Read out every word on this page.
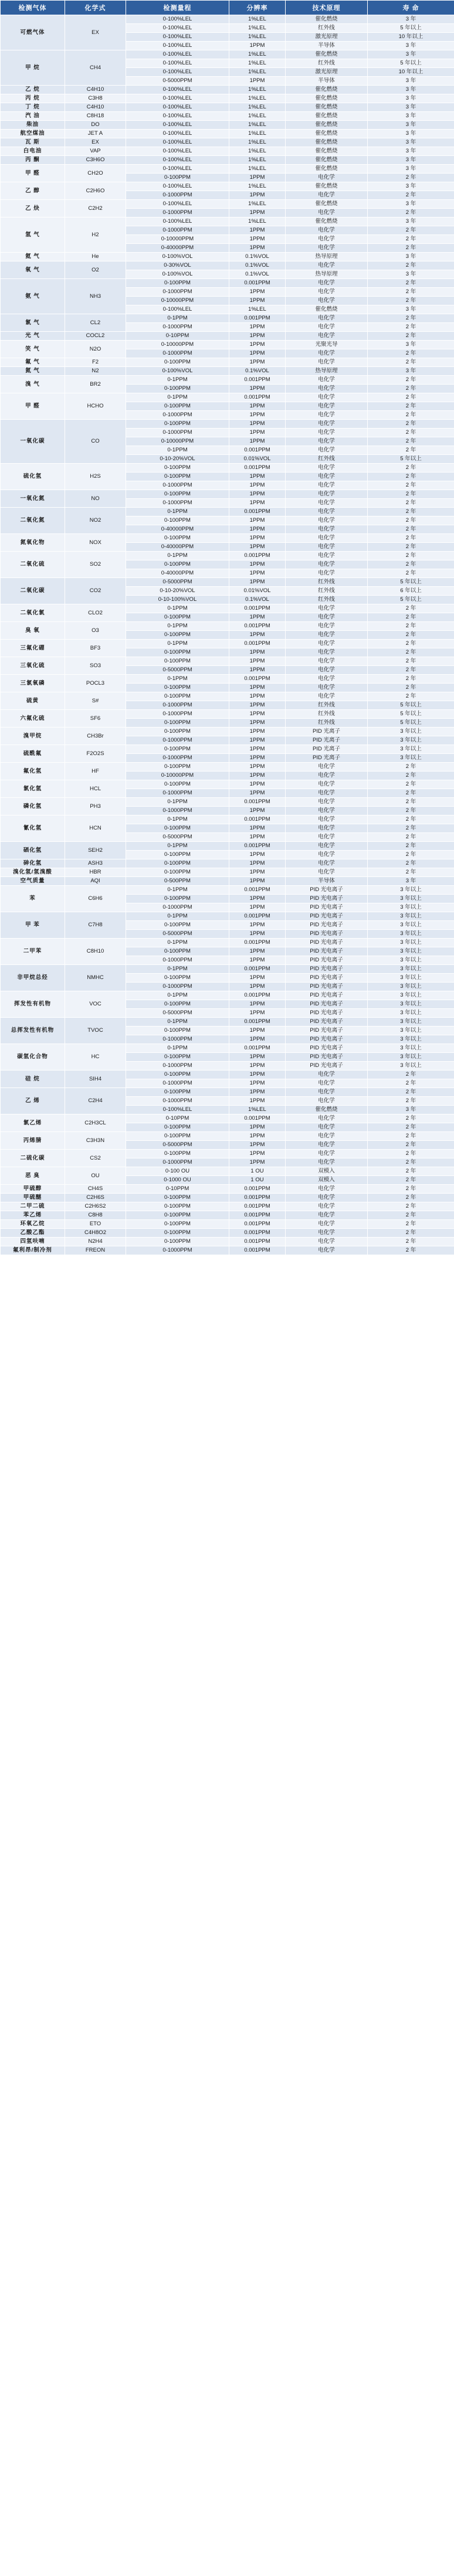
检测气体	化学式	检测量程	分辨率	技术原理	寿 命
可燃气体	EX	0-100%LEL	1%LEL	催化燃烧	3 年
		0-100%LEL	1%LEL	红外线	5 年以上
		0-100%LEL	1%LEL	激光原理	10 年以上
		0-100%LEL	1PPM	半导体	3 年
甲 烷	CH4	0-100%LEL	1%LEL	催化燃烧	3 年
		0-100%LEL	1%LEL	红外线	5 年以上
		0-100%LEL	1%LEL	激光原理	10 年以上
		0-5000PPM	1PPM	半导体	3 年
乙 烷	C4H10	0-100%LEL	1%LEL	催化燃烧	3 年
丙 烷	C3H8	0-100%LEL	1%LEL	催化燃烧	3 年
丁 烷	C4H10	0-100%LEL	1%LEL	催化燃烧	3 年
汽 油	C8H18	0-100%LEL	1%LEL	催化燃烧	3 年
柴油	DO	0-100%LEL	1%LEL	催化燃烧	3 年
航空煤油	JET A	0-100%LEL	1%LEL	催化燃烧	3 年
瓦 斯	EX	0-100%LEL	1%LEL	催化燃烧	3 年
白电油	VAP	0-100%LEL	1%LEL	催化燃烧	3 年
丙 酮	C3H6O	0-100%LEL	1%LEL	催化燃烧	3 年
甲 醛	CH2O	0-100%LEL	1%LEL	催化燃烧	3 年
		0-100PPM	1PPM	电化学	2 年
乙 醇	C2H6O	0-100%LEL	1%LEL	催化燃烧	3 年
		0-1000PPM	1PPM	电化学	2 年
乙 炔	C2H2	0-100%LEL	1%LEL	催化燃烧	3 年
		0-1000PPM	1PPM	电化学	2 年
氢 气	H2	0-100%LEL	1%LEL	催化燃烧	3 年
		0-1000PPM	1PPM	电化学	2 年
		0-10000PPM	1PPM	电化学	2 年
		0-40000PPM	1PPM	电化学	2 年
氦 气	He	0-100%VOL	0.1%VOL	热导原理	3 年
氧 气	O2	0-30%VOL	0.1%VOL	电化学	2 年
		0-100%VOL	0.1%VOL	热导原理	3 年
氨 气	NH3	0-100PPM	0.001PPM	电化学	2 年
		0-1000PPM	1PPM	电化学	2 年
		0-10000PPM	1PPM	电化学	2 年
		0-100%LEL	1%LEL	催化燃烧	3 年
氯 气	CL2	0-1PPM	0.001PPM	电化学	2 年
		0-1000PPM	1PPM	电化学	2 年
光 气	COCL2	0-10PPM	1PPM	电化学	2 年
笑 气	N2O	0-10000PPM	1PPM	光聚光导	3 年
		0-1000PPM	1PPM	电化学	2 年
氟 气	F2	0-100PPM	1PPM	电化学	2 年
氮 气	N2	0-100%VOL	0.1%VOL	热导原理	3 年
溴 气	BR2	0-1PPM	0.001PPM	电化学	2 年
		0-100PPM	1PPM	电化学	2 年
甲 醛	HCHO	0-1PPM	0.001PPM	电化学	2 年
		0-100PPM	1PPM	电化学	2 年
		0-1000PPM	1PPM	电化学	2 年
一氧化碳	CO	0-100PPM	1PPM	电化学	2 年
		0-1000PPM	1PPM	电化学	2 年
		0-10000PPM	1PPM	电化学	2 年
		0-1PPM	0.001PPM	电化学	2 年
		0-10-20%VOL	0.01%VOL	红外线	5 年以上
硫化氢	H2S	0-100PPM	0.001PPM	电化学	2 年
		0-100PPM	1PPM	电化学	2 年
		0-1000PPM	1PPM	电化学	2 年
一氧化氮	NO	0-100PPM	1PPM	电化学	2 年
		0-1000PPM	1PPM	电化学	2 年
二氧化氮	NO2	0-1PPM	0.001PPM	电化学	2 年
		0-100PPM	1PPM	电化学	2 年
		0-40000PPM	1PPM	电化学	2 年
氮氧化物	NOX	0-100PPM	1PPM	电化学	2 年
		0-40000PPM	1PPM	电化学	2 年
二氧化硫	SO2	0-1PPM	0.001PPM	电化学	2 年
		0-100PPM	1PPM	电化学	2 年
		0-40000PPM	1PPM	电化学	2 年
二氧化碳	CO2	0-5000PPM	1PPM	红外线	5 年以上
		0-10-20%VOL	0.01%VOL	红外线	6 年以上
		0-10-100%VOL	0.1%VOL	红外线	5 年以上
二氧化氯	CLO2	0-1PPM	0.001PPM	电化学	2 年
		0-100PPM	1PPM	电化学	2 年
臭 氧	O3	0-1PPM	0.001PPM	电化学	2 年
		0-100PPM	1PPM	电化学	2 年
三氟化硼	BF3	0-1PPM	0.001PPM	电化学	2 年
		0-100PPM	1PPM	电化学	2 年
三氧化硫	SO3	0-100PPM	1PPM	电化学	2 年
		0-5000PPM	1PPM	电化学	2 年
三氯氧磷	POCL3	0-1PPM	0.001PPM	电化学	2 年
		0-100PPM	1PPM	电化学	2 年
硫黄	S#	0-100PPM	1PPM	电化学	2 年
		0-1000PPM	1PPM	红外线	5 年以上
六氟化硫	SF6	0-1000PPM	1PPM	红外线	5 年以上
		0-100PPM	1PPM	红外线	5 年以上
溴甲烷	CH3Br	0-100PPM	1PPM	PID 光离子	3 年以上
		0-1000PPM	1PPM	PID 光离子	3 年以上
硫酰氟	F2O2S	0-100PPM	1PPM	PID 光离子	3 年以上
		0-1000PPM	1PPM	PID 光离子	3 年以上
氟化氢	HF	0-100PPM	1PPM	电化学	2 年
		0-10000PPM	1PPM	电化学	2 年
氯化氢	HCL	0-100PPM	1PPM	电化学	2 年
		0-1000PPM	1PPM	电化学	2 年
磷化氢	PH3	0-1PPM	0.001PPM	电化学	2 年
		0-1000PPM	1PPM	电化学	2 年
氰化氢	HCN	0-1PPM	0.001PPM	电化学	2 年
		0-100PPM	1PPM	电化学	2 年
		0-5000PPM	1PPM	电化学	2 年
硒化氢	SEH2	0-1PPM	0.001PPM	电化学	2 年
		0-100PPM	1PPM	电化学	2 年
砷化氢	ASH3	0-100PPM	1PPM	电化学	2 年
溴化氢/氢溴酸	HBR	0-100PPM	1PPM	电化学	2 年
空气质量	AQI	0-500PPM	1PPM	半导体	3 年
苯	C6H6	0-1PPM	0.001PPM	PID 光电离子	3 年以上
		0-100PPM	1PPM	PID 光电离子	3 年以上
		0-1000PPM	1PPM	PID 光电离子	3 年以上
甲 苯	C7H8	0-1PPM	0.001PPM	PID 光电离子	3 年以上
		0-100PPM	1PPM	PID 光电离子	3 年以上
		0-5000PPM	1PPM	PID 光电离子	3 年以上
二甲苯	C8H10	0-1PPM	0.001PPM	PID 光电离子	3 年以上
		0-100PPM	1PPM	PID 光电离子	3 年以上
		0-1000PPM	1PPM	PID 光电离子	3 年以上
非甲烷总烃	NMHC	0-1PPM	0.001PPM	PID 光电离子	3 年以上
		0-100PPM	1PPM	PID 光电离子	3 年以上
		0-1000PPM	1PPM	PID 光电离子	3 年以上
挥发性有机物	VOC	0-1PPM	0.001PPM	PID 光电离子	3 年以上
		0-100PPM	1PPM	PID 光电离子	3 年以上
		0-5000PPM	1PPM	PID 光电离子	3 年以上
总挥发性有机物	TVOC	0-1PPM	0.001PPM	PID 光电离子	3 年以上
		0-100PPM	1PPM	PID 光电离子	3 年以上
		0-1000PPM	1PPM	PID 光电离子	3 年以上
碳氢化合物	HC	0-1PPM	0.001PPM	PID 光电离子	3 年以上
		0-100PPM	1PPM	PID 光电离子	3 年以上
		0-1000PPM	1PPM	PID 光电离子	3 年以上
硅 烷	SIH4	0-100PPM	1PPM	电化学	2 年
		0-1000PPM	1PPM	电化学	2 年
乙 烯	C2H4	0-100PPM	1PPM	电化学	2 年
		0-1000PPM	1PPM	电化学	2 年
		0-100%LEL	1%LEL	催化燃烧	3 年
氯乙烯	C2H3CL	0-10PPM	0.001PPM	电化学	2 年
		0-100PPM	1PPM	电化学	2 年
丙烯腈	C3H3N	0-100PPM	1PPM	电化学	2 年
		0-5000PPM	1PPM	电化学	2 年
二硫化碳	CS2	0-100PPM	1PPM	电化学	2 年
		0-1000PPM	1PPM	电化学	2 年
恶 臭	OU	0-100 OU	1 OU	双模入	2 年
		0-1000 OU	1 OU	双模入	2 年
甲硫醇	CH4S	0-10PPM	0.001PPM	电化学	2 年
甲硫醚	C2H6S	0-100PPM	0.001PPM	电化学	2 年
二甲二硫	C2H6S2	0-100PPM	0.001PPM	电化学	2 年
苯乙烯	C8H8	0-100PPM	0.001PPM	电化学	2 年
环氧乙烷	ETO	0-100PPM	0.001PPM	电化学	2 年
乙酸乙酯	C4H8O2	0-100PPM	0.001PPM	电化学	2 年
四氢呋喃	N2H4	0-100PPM	0.001PPM	电化学	2 年
氟利昂/制冷剂	FREON	0-1000PPM	0.001PPM	电化学	2 年
